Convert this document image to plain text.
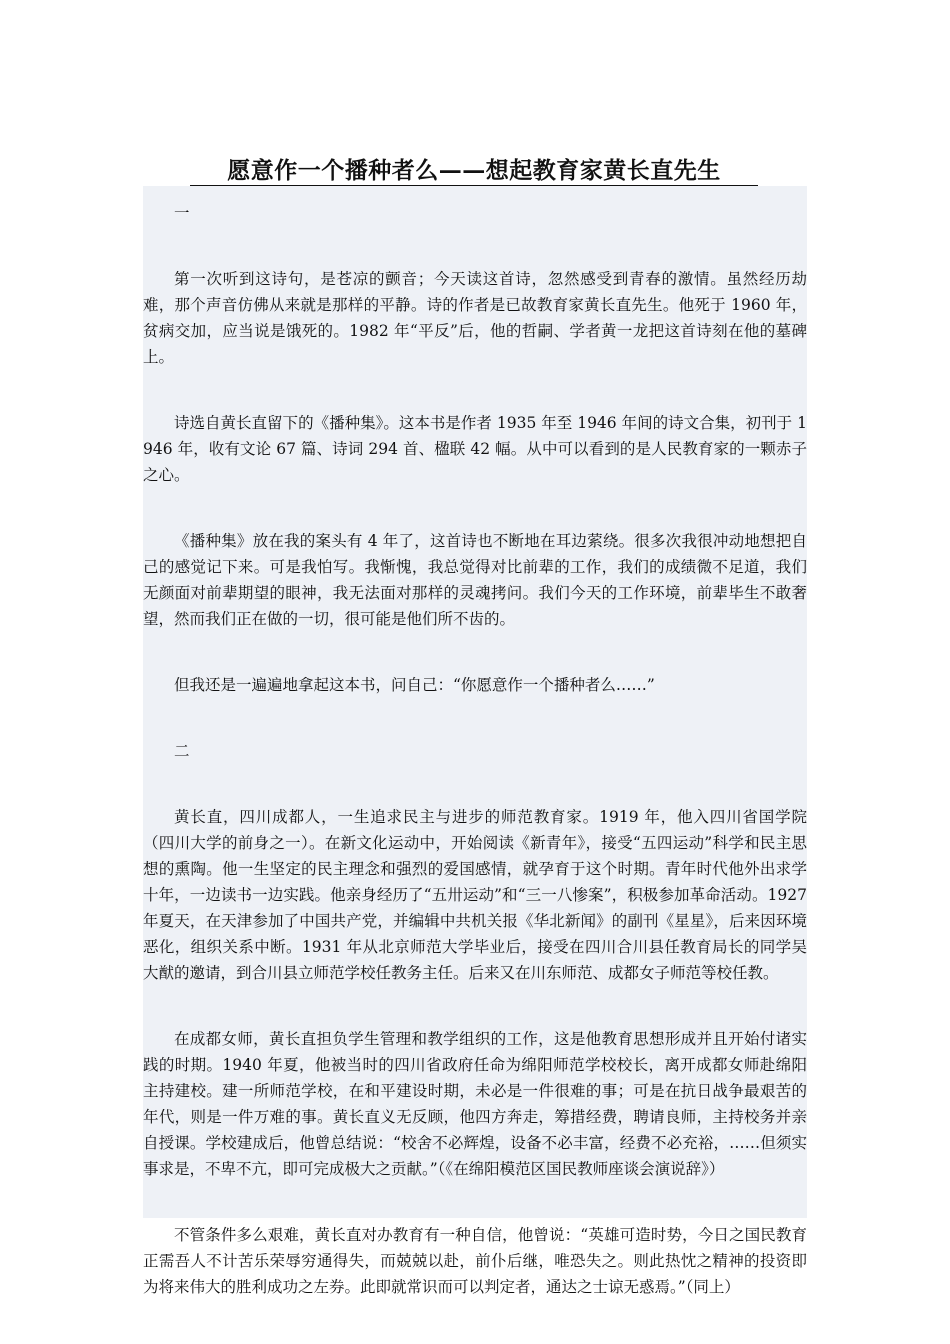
愿意作一个播种者么——想起教育家黄长直先生

一

第一次听到这诗句，是苍凉的颤音；今天读这首诗，忽然感受到青春的激情。虽然经历劫难，那个声音仿佛从来就是那样的平静。诗的作者是已故教育家黄长直先生。他死于 1960 年，贫病交加，应当说是饿死的。1982 年“平反”后，他的哲嗣、学者黄一龙把这首诗刻在他的墓碑上。

诗选自黄长直留下的《播种集》。这本书是作者 1935 年至 1946 年间的诗文合集，初刊于 1946 年，收有文论 67 篇、诗词 294 首、楹联 42 幅。从中可以看到的是人民教育家的一颗赤子之心。

《播种集》放在我的案头有 4 年了，这首诗也不断地在耳边萦绕。很多次我很冲动地想把自己的感觉记下来。可是我怕写。我惭愧，我总觉得对比前辈的工作，我们的成绩微不足道，我们无颜面对前辈期望的眼神，我无法面对那样的灵魂拷问。我们今天的工作环境，前辈毕生不敢奢望，然而我们正在做的一切，很可能是他们所不齿的。

但我还是一遍遍地拿起这本书，问自己：“你愿意作一个播种者么……”

二

黄长直，四川成都人，一生追求民主与进步的师范教育家。1919 年，他入四川省国学院（四川大学的前身之一）。在新文化运动中，开始阅读《新青年》，接受“五四运动”科学和民主思想的熏陶。他一生坚定的民主理念和强烈的爱国感情，就孕育于这个时期。青年时代他外出求学十年，一边读书一边实践。他亲身经历了“五卅运动”和“三一八惨案”，积极参加革命活动。1927 年夏天，在天津参加了中国共产党，并编辑中共机关报《华北新闻》的副刊《星星》，后来因环境恶化，组织关系中断。1931 年从北京师范大学毕业后，接受在四川合川县任教育局长的同学吴大猷的邀请，到合川县立师范学校任教务主任。后来又在川东师范、成都女子师范等校任教。

在成都女师，黄长直担负学生管理和教学组织的工作，这是他教育思想形成并且开始付诸实践的时期。1940 年夏，他被当时的四川省政府任命为绵阳师范学校校长，离开成都女师赴绵阳主持建校。建一所师范学校，在和平建设时期，未必是一件很难的事；可是在抗日战争最艰苦的年代，则是一件万难的事。黄长直义无反顾，他四方奔走，筹措经费，聘请良师，主持校务并亲自授课。学校建成后，他曾总结说：“校舍不必辉煌，设备不必丰富，经费不必充裕，……但须实事求是，不卑不亢，即可完成极大之贡献。”（《在绵阳模范区国民教师座谈会演说辞》）

不管条件多么艰难，黄长直对办教育有一种自信，他曾说：“英雄可造时势，今日之国民教育正需吾人不计苦乐荣辱穷通得失，而兢兢以赴，前仆后继，唯恐失之。则此热忱之精神的投资即为将来伟大的胜利成功之左券。此即就常识而可以判定者，通达之士谅无惑焉。”（同上）
